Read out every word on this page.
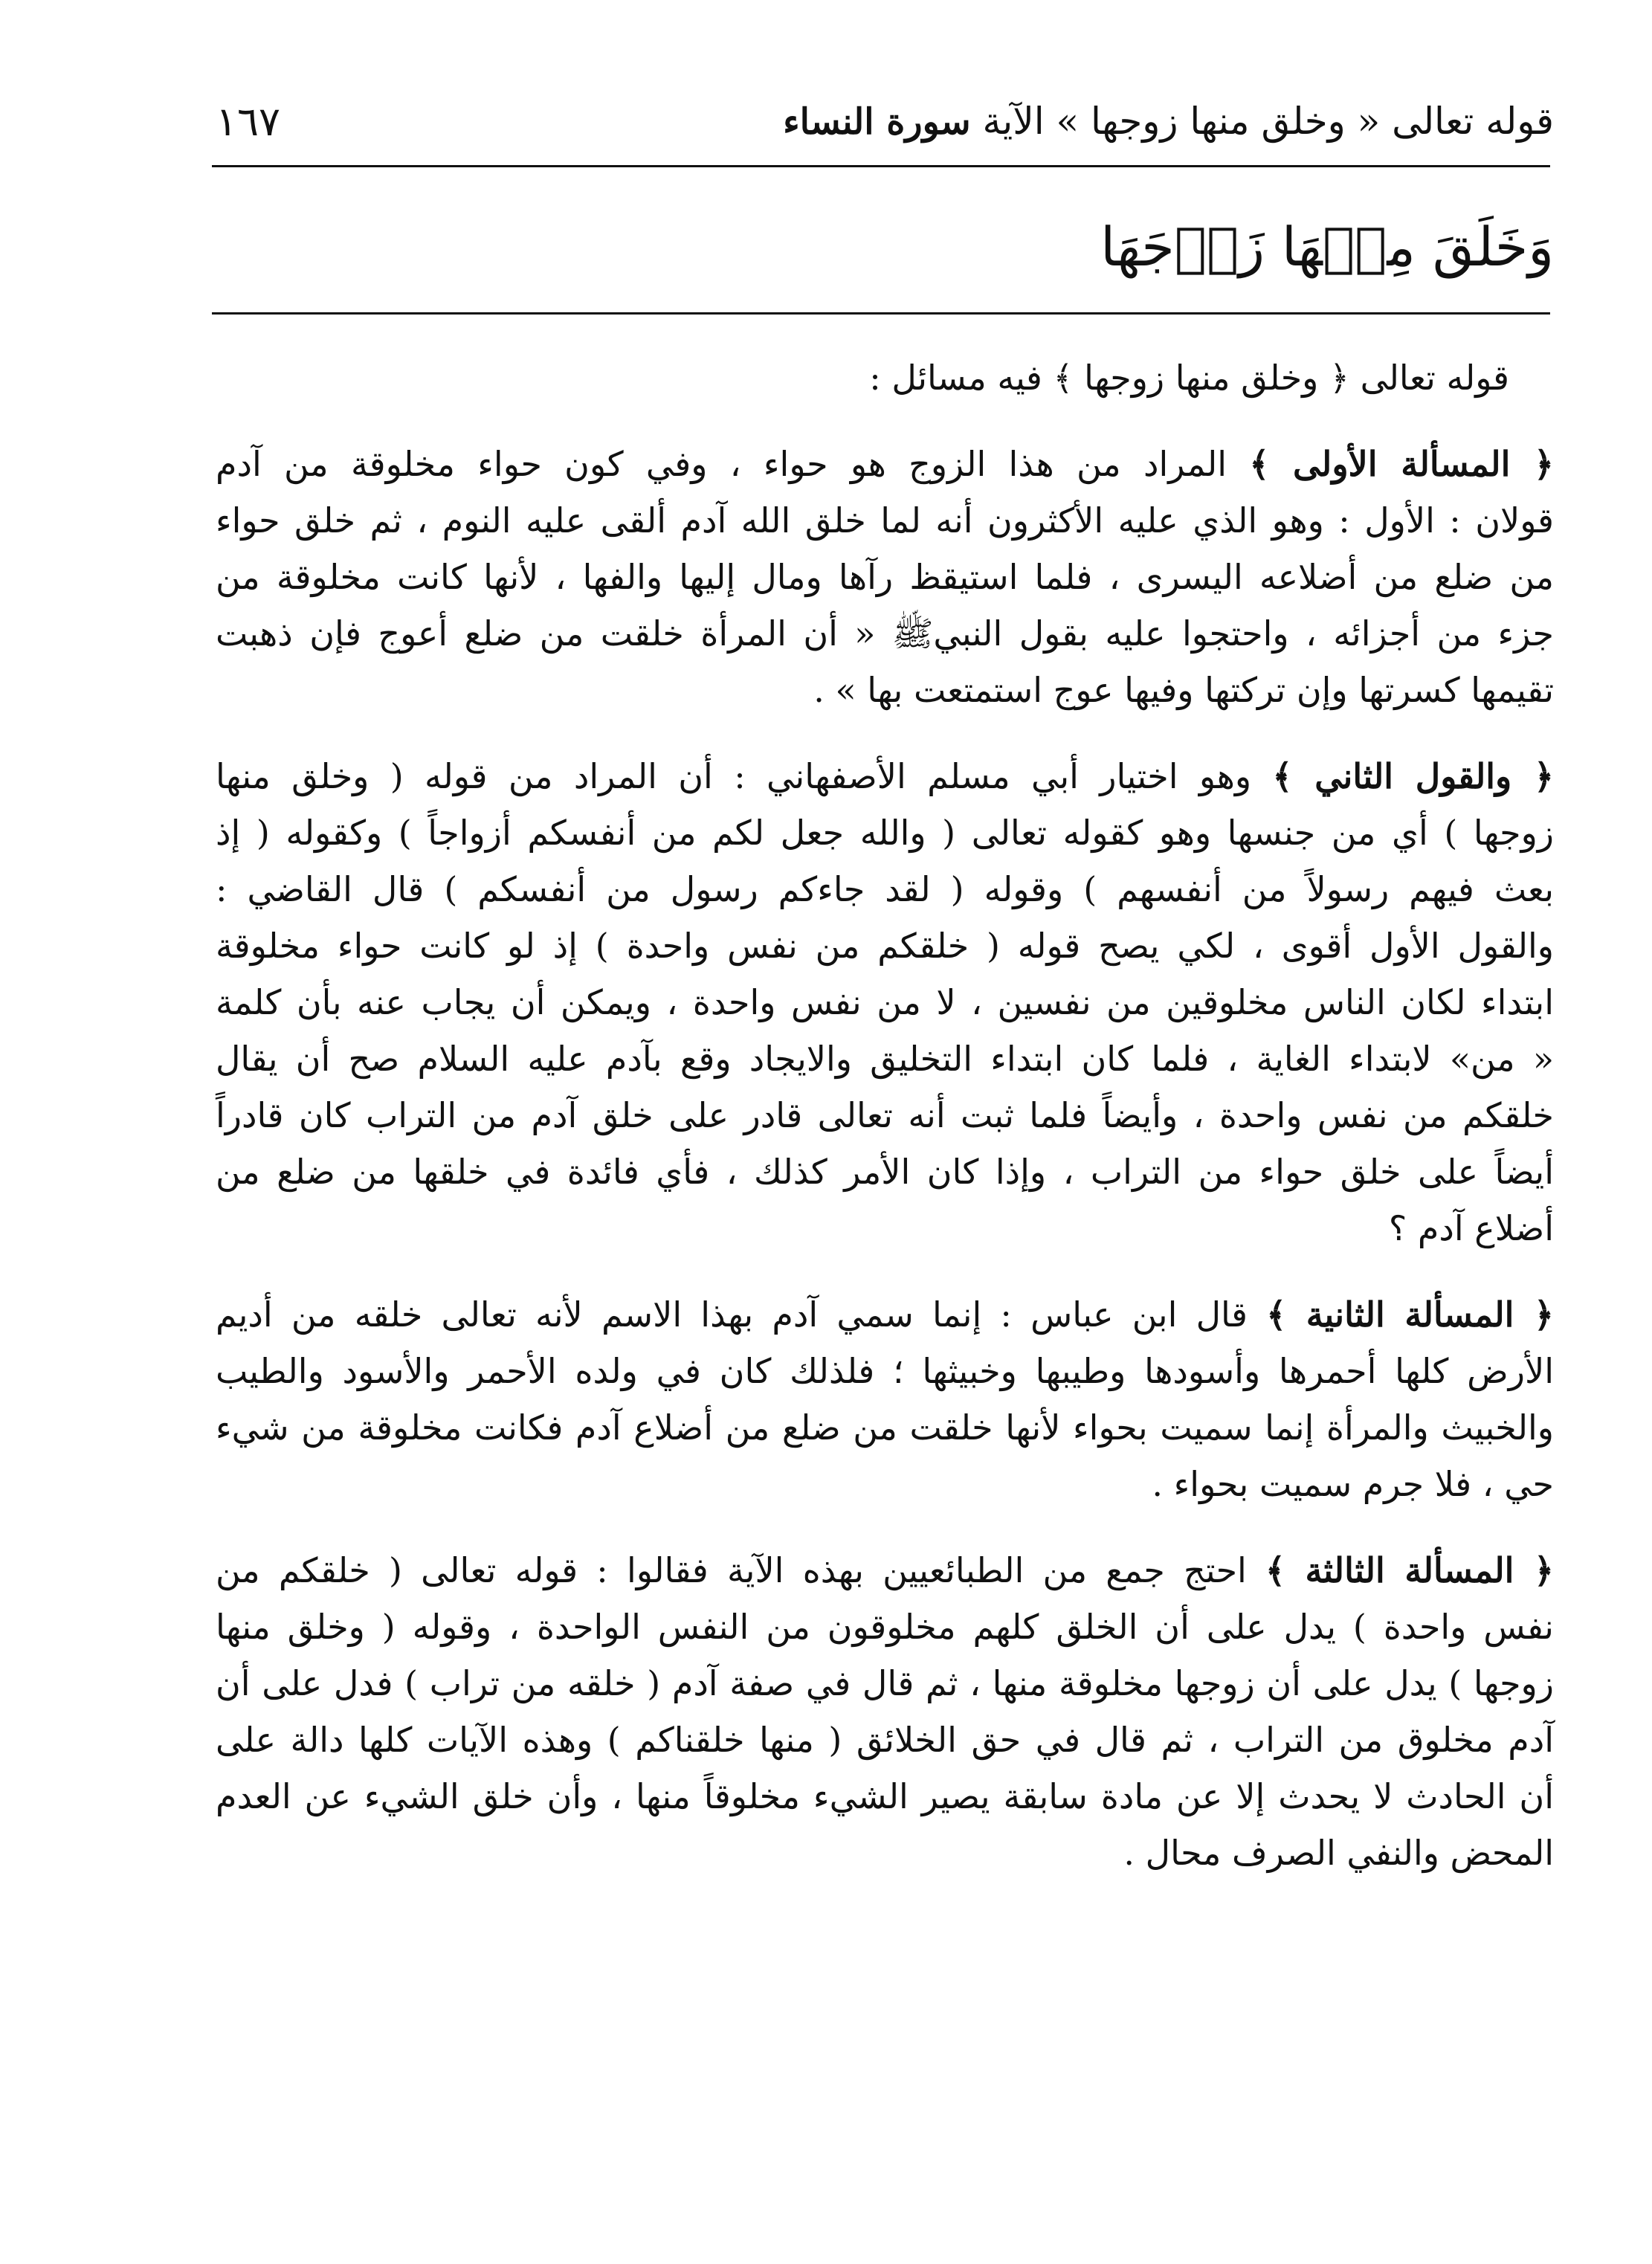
قوله تعالى « وخلق منها زوجها » الآية سورة النساء
١٦٧
وَخَلَقَ مِنۡهَا زَوۡجَهَا

قوله تعالى ﴿ وخلق منها زوجها ﴾ فيه مسائل :

﴿ المسألة الأولى ﴾ المراد من هذا الزوج هو حواء ، وفي كون حواء مخلوقة من آدم
قولان : الأول : وهو الذي عليه الأكثرون أنه لما خلق الله آدم ألقى عليه النوم ، ثم خلق حواء
من ضلع من أضلاعه اليسرى ، فلما استيقظ رآها ومال إليها والفها ، لأنها كانت مخلوقة من
جزء من أجزائه ، واحتجوا عليه بقول النبيﷺ « أن المرأة خلقت من ضلع أعوج فإن ذهبت
تقيمها كسرتها وإن تركتها وفيها عوج استمتعت بها » .

﴿ والقول الثاني ﴾ وهو اختيار أبي مسلم الأصفهاني : أن المراد من قوله ( وخلق منها
زوجها ) أي من جنسها وهو كقوله تعالى ( والله جعل لكم من أنفسكم أزواجاً ) وكقوله ( إذ
بعث فيهم رسولاً من أنفسهم ) وقوله ( لقد جاءكم رسول من أنفسكم ) قال القاضي :
والقول الأول أقوى ، لكي يصح قوله ( خلقكم من نفس واحدة ) إذ لو كانت حواء مخلوقة
ابتداء لكان الناس مخلوقين من نفسين ، لا من نفس واحدة ، ويمكن أن يجاب عنه بأن كلمة
« من» لابتداء الغاية ، فلما كان ابتداء التخليق والايجاد وقع بآدم عليه السلام صح أن يقال
خلقكم من نفس واحدة ، وأيضاً فلما ثبت أنه تعالى قادر على خلق آدم من التراب كان قادراً
أيضاً على خلق حواء من التراب ، وإذا كان الأمر كذلك ، فأي فائدة في خلقها من ضلع من
أضلاع آدم ؟

﴿ المسألة الثانية ﴾ قال ابن عباس : إنما سمي آدم بهذا الاسم لأنه تعالى خلقه من أديم
الأرض كلها أحمرها وأسودها وطيبها وخبيثها ؛ فلذلك كان في ولده الأحمر والأسود والطيب
والخبيث والمرأة إنما سميت بحواء لأنها خلقت من ضلع من أضلاع آدم فكانت مخلوقة من شيء
حي ، فلا جرم سميت بحواء .

﴿ المسألة الثالثة ﴾ احتج جمع من الطبائعيين بهذه الآية فقالوا : قوله تعالى ( خلقكم من
نفس واحدة ) يدل على أن الخلق كلهم مخلوقون من النفس الواحدة ، وقوله ( وخلق منها
زوجها ) يدل على أن زوجها مخلوقة منها ، ثم قال في صفة آدم ( خلقه من تراب ) فدل على أن
آدم مخلوق من التراب ، ثم قال في حق الخلائق ( منها خلقناكم ) وهذه الآيات كلها دالة على
أن الحادث لا يحدث إلا عن مادة سابقة يصير الشيء مخلوقاً منها ، وأن خلق الشيء عن العدم
المحض والنفي الصرف محال .
